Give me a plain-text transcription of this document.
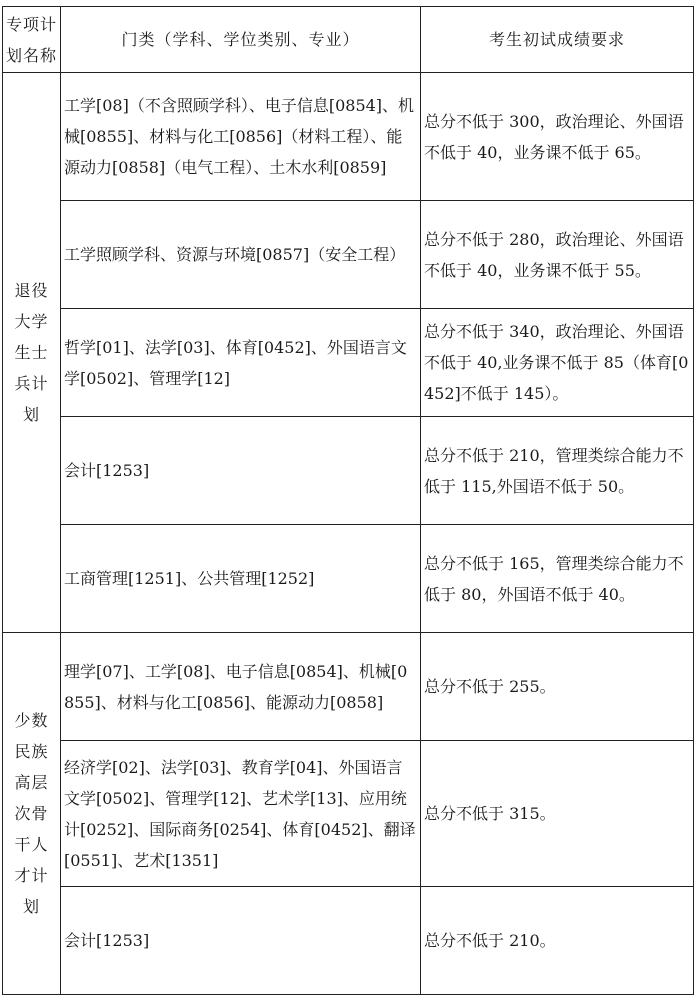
专项计划名称	门类（学科、学位类别、专业）	考生初试成绩要求
退役大学生士兵计划	工学[08]（不含照顾学科）、电子信息[0854]、机械[0855]、材料与化工[0856]（材料工程）、能源动力[0858]（电气工程）、土木水利[0859]	总分不低于 300，政治理论、外国语不低于 40，业务课不低于 65。
	工学照顾学科、资源与环境[0857]（安全工程）	总分不低于 280，政治理论、外国语不低于 40，业务课不低于 55。
	哲学[01]、法学[03]、体育[0452]、外国语言文学[0502]、管理学[12]	总分不低于 340，政治理论、外国语不低于 40,业务课不低于 85（体育[0452]不低于 145）。
	会计[1253]	总分不低于 210，管理类综合能力不低于 115,外国语不低于 50。
	工商管理[1251]、公共管理[1252]	总分不低于 165，管理类综合能力不低于 80，外国语不低于 40。
少数民族高层次骨干人才计划	理学[07]、工学[08]、电子信息[0854]、机械[0855]、材料与化工[0856]、能源动力[0858]	总分不低于 255。
	经济学[02]、法学[03]、教育学[04]、外国语言文学[0502]、管理学[12]、艺术学[13]、应用统计[0252]、国际商务[0254]、体育[0452]、翻译[0551]、艺术[1351]	总分不低于 315。
	会计[1253]	总分不低于 210。
